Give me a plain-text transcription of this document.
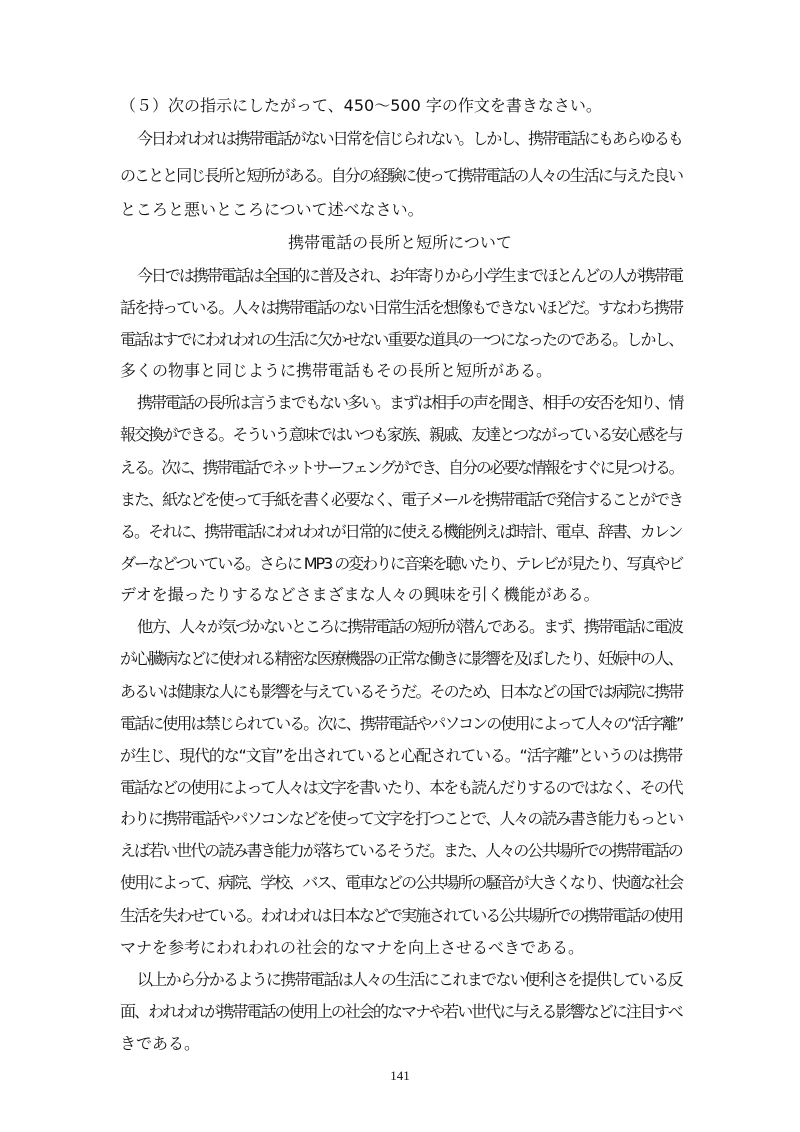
（５）次の指示にしたがって、450～500 字の作文を書きなさい。
今日われわれは携帯電話がない日常を信じられない。しかし、携帯電話にもあらゆるも
のことと同じ長所と短所がある。自分の経験に使って携帯電話の人々の生活に与えた良い
ところと悪いところについて述べなさい。
携帯電話の長所と短所について
今日では携帯電話は全国的に普及され、お年寄りから小学生までほとんどの人が携帯電
話を持っている。人々は携帯電話のない日常生活を想像もできないほどだ。すなわち携帯
電話はすでにわれわれの生活に欠かせない重要な道具の一つになったのである。しかし、
多くの物事と同じように携帯電話もその長所と短所がある。
携帯電話の長所は言うまでもない多い。まずは相手の声を聞き、相手の安否を知り、情
報交換ができる。そういう意味ではいつも家族、親戚、友達とつながっている安心感を与
える。次に、携帯電話でネットサーフェングができ、自分の必要な情報をすぐに見つける。
また、紙などを使って手紙を書く必要なく、電子メールを携帯電話で発信することができ
る。それに、携帯電話にわれわれが日常的に使える機能例えば時計、電卓、辞書、カレン
ダーなどついている。さらに MP3 の変わりに音楽を聴いたり、テレビが見たり、写真やビ
デオを撮ったりするなどさまざまな人々の興味を引く機能がある。
他方、人々が気づかないところに携帯電話の短所が潜んである。まず、携帯電話に電波
が心臓病などに使われる精密な医療機器の正常な働きに影響を及ぼしたり、妊娠中の人、
あるいは健康な人にも影響を与えているそうだ。そのため、日本などの国では病院に携帯
電話に使用は禁じられている。次に、携帯電話やパソコンの使用によって人々の“活字離”
が生じ、現代的な“文盲”を出されていると心配されている。“活字離”というのは携帯
電話などの使用によって人々は文字を書いたり、本をも読んだりするのではなく、その代
わりに携帯電話やパソコンなどを使って文字を打つことで、人々の読み書き能力もっとい
えば若い世代の読み書き能力が落ちているそうだ。また、人々の公共場所での携帯電話の
使用によって、病院、学校、バス、電車などの公共場所の騒音が大きくなり、快適な社会
生活を失わせている。われわれは日本などで実施されている公共場所での携帯電話の使用
マナを参考にわれわれの社会的なマナを向上させるべきである。
以上から分かるように携帯電話は人々の生活にこれまでない便利さを提供している反
面、われわれが携帯電話の使用上の社会的なマナや若い世代に与える影響などに注目すべ
きである。
141
